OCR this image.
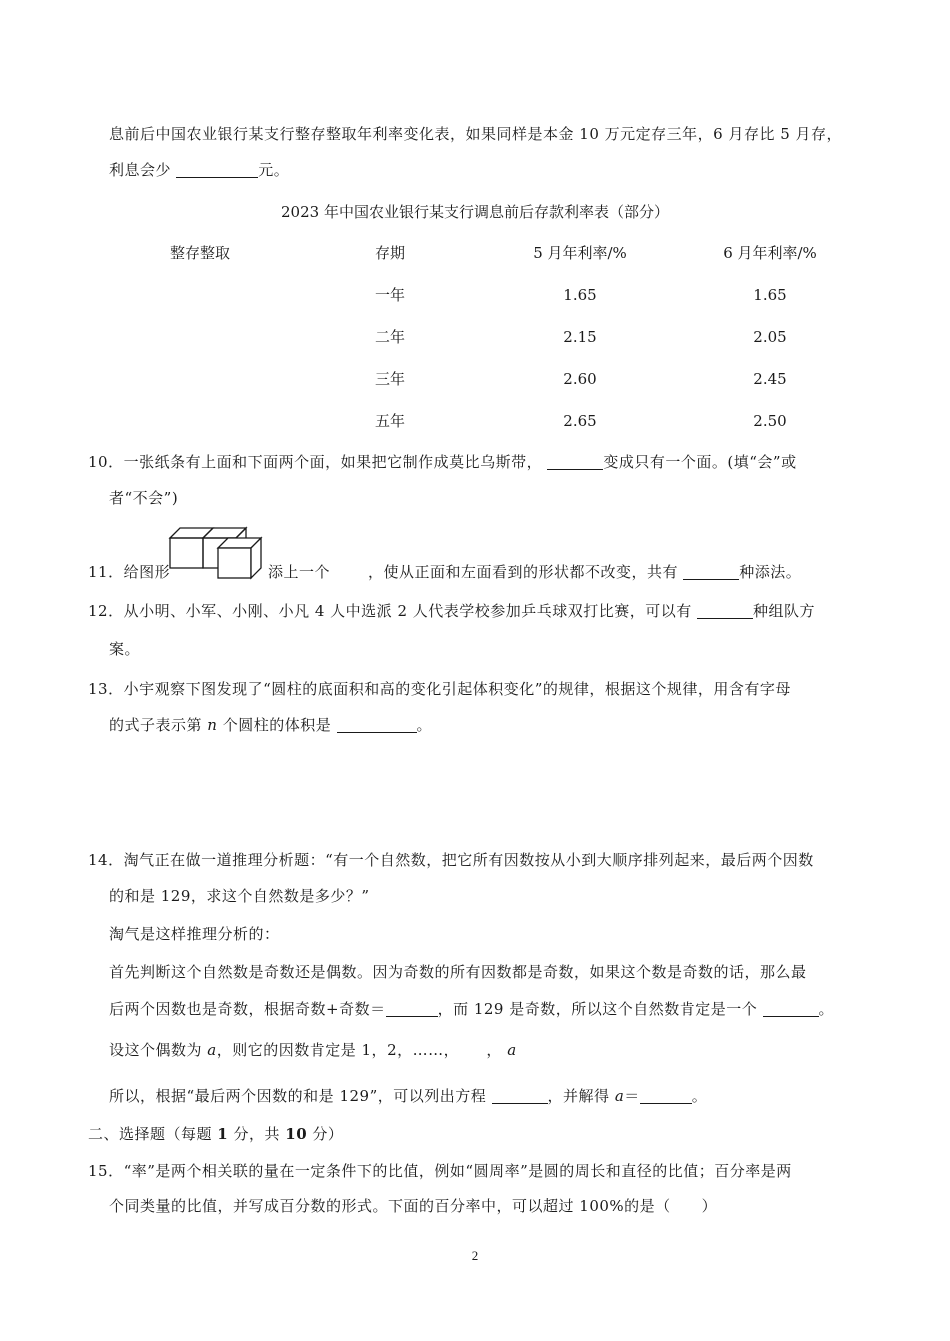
息前后中国农业银行某支行整存整取年利率变化表，如果同样是本金 10 万元定存三年，6 月存比 5 月存，
利息会少	元。
2023 年中国农业银行某支行调息前后存款利率表（部分）
整存整取	存期	5 月年利率/%	6 月年利率/%
一年	1.65	1.65
二年	2.15	2.05
三年	2.60	2.45
五年	2.65	2.50
10．一张纸条有上面和下面两个面，如果把它制作成莫比乌斯带，	变成只有一个面。(填“会”或
者“不会”)
11．给图形	添上一个	，使从正面和左面看到的形状都不改变，共有	种添法。
12．从小明、小军、小刚、小凡 4 人中选派 2 人代表学校参加乒乓球双打比赛，可以有	种组队方
案。
13．小宇观察下图发现了“圆柱的底面积和高的变化引起体积变化”的规律，根据这个规律，用含有字母
的式子表示第 n 个圆柱的体积是	。
14．淘气正在做一道推理分析题：“有一个自然数，把它所有因数按从小到大顺序排列起来，最后两个因数
的和是 129，求这个自然数是多少？”
淘气是这样推理分析的：
首先判断这个自然数是奇数还是偶数。因为奇数的所有因数都是奇数，如果这个数是奇数的话，那么最
后两个因数也是奇数，根据奇数+奇数＝	，而 129 是奇数，所以这个自然数肯定是一个	。
设这个偶数为 a，则它的因数肯定是 1，2，……， ， a
所以，根据“最后两个因数的和是 129”，可以列出方程	，并解得 a＝	。
二、选择题（每题 1 分，共 10 分）
15．“率”是两个相关联的量在一定条件下的比值，例如“圆周率”是圆的周长和直径的比值；百分率是两
个同类量的比值，并写成百分数的形式。下面的百分率中，可以超过 100%的是（　　）
2
